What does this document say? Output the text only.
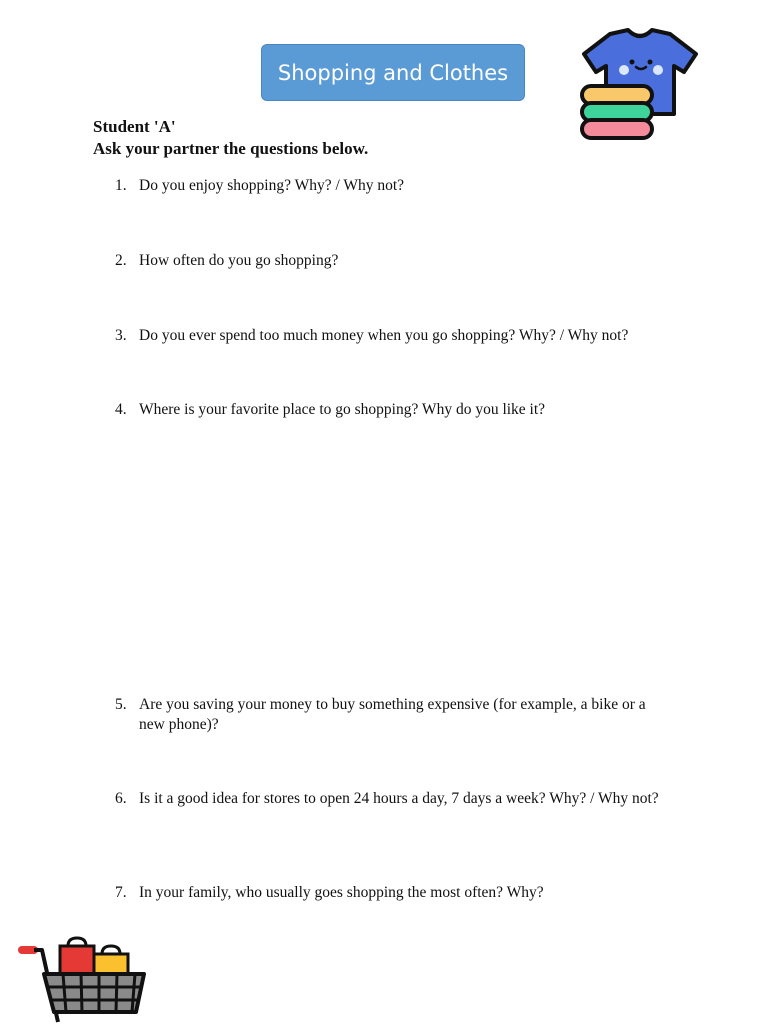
Shopping and Clothes
Student 'A'
Ask your partner the questions below.
1. Do you enjoy shopping? Why? / Why not?
2. How often do you go shopping?
3. Do you ever spend too much money when you go shopping? Why? / Why not?
4. Where is your favorite place to go shopping? Why do you like it?
5. Are you saving your money to buy something expensive (for example, a bike or a new phone)?
6. Is it a good idea for stores to open 24 hours a day, 7 days a week? Why? / Why not?
7. In your family, who usually goes shopping the most often? Why?
